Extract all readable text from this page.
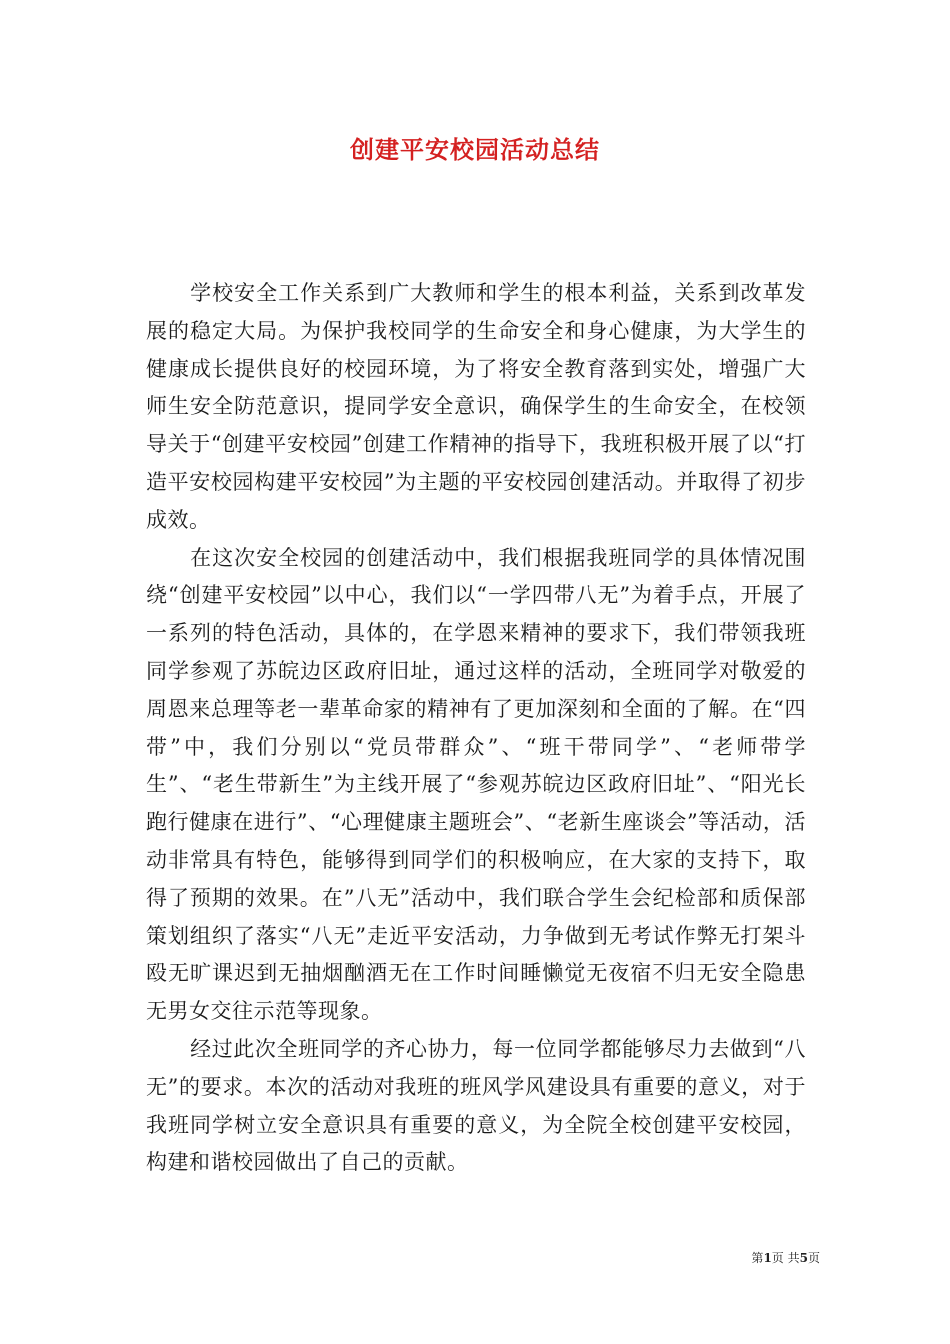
创建平安校园活动总结

学校安全工作关系到广大教师和学生的根本利益，关系到改革发展的稳定大局。为保护我校同学的生命安全和身心健康，为大学生的健康成长提供良好的校园环境，为了将安全教育落到实处，增强广大师生安全防范意识，提同学安全意识，确保学生的生命安全，在校领导关于“创建平安校园”创建工作精神的指导下，我班积极开展了以“打造平安校园构建平安校园”为主题的平安校园创建活动。并取得了初步成效。

在这次安全校园的创建活动中，我们根据我班同学的具体情况围绕“创建平安校园”以中心，我们以“一学四带八无”为着手点，开展了一系列的特色活动，具体的，在学恩来精神的要求下，我们带领我班同学参观了苏皖边区政府旧址，通过这样的活动，全班同学对敬爱的周恩来总理等老一辈革命家的精神有了更加深刻和全面的了解。在“四带”中，我们分别以“党员带群众”、“班干带同学”、“老师带学生”、“老生带新生”为主线开展了“参观苏皖边区政府旧址”、“阳光长跑行健康在进行”、“心理健康主题班会”、“老新生座谈会”等活动，活动非常具有特色，能够得到同学们的积极响应，在大家的支持下，取得了预期的效果。在”八无”活动中，我们联合学生会纪检部和质保部策划组织了落实“八无”走近平安活动，力争做到无考试作弊无打架斗殴无旷课迟到无抽烟酗酒无在工作时间睡懒觉无夜宿不归无安全隐患无男女交往示范等现象。

经过此次全班同学的齐心协力，每一位同学都能够尽力去做到“八无”的要求。本次的活动对我班的班风学风建设具有重要的意义，对于我班同学树立安全意识具有重要的意义，为全院全校创建平安校园，构建和谐校园做出了自己的贡献。

第1页 共5页
